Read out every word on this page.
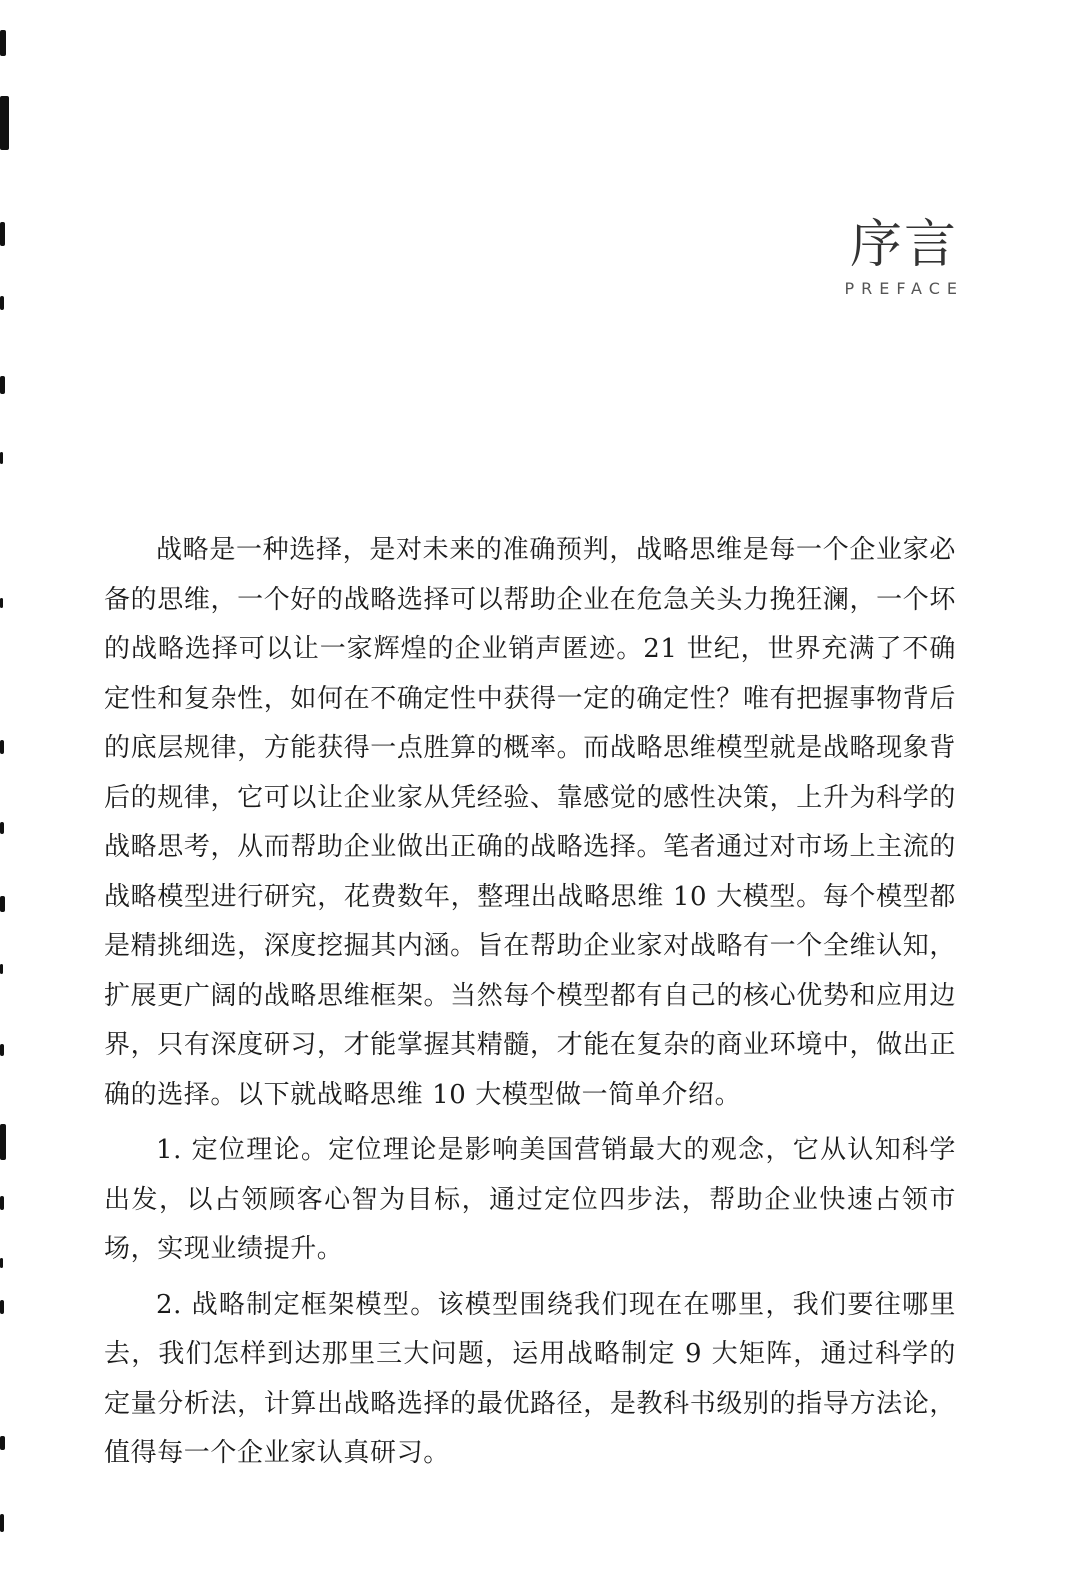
序言
PREFACE

战略是一种选择，是对未来的准确预判，战略思维是每一个企业家必备的思维，一个好的战略选择可以帮助企业在危急关头力挽狂澜，一个坏的战略选择可以让一家辉煌的企业销声匿迹。21 世纪，世界充满了不确定性和复杂性，如何在不确定性中获得一定的确定性？唯有把握事物背后的底层规律，方能获得一点胜算的概率。而战略思维模型就是战略现象背后的规律，它可以让企业家从凭经验、靠感觉的感性决策，上升为科学的战略思考，从而帮助企业做出正确的战略选择。笔者通过对市场上主流的战略模型进行研究，花费数年，整理出战略思维 10 大模型。每个模型都是精挑细选，深度挖掘其内涵。旨在帮助企业家对战略有一个全维认知，扩展更广阔的战略思维框架。当然每个模型都有自己的核心优势和应用边界，只有深度研习，才能掌握其精髓，才能在复杂的商业环境中，做出正确的选择。以下就战略思维 10 大模型做一简单介绍。

1. 定位理论。定位理论是影响美国营销最大的观念，它从认知科学出发，以占领顾客心智为目标，通过定位四步法，帮助企业快速占领市场，实现业绩提升。

2. 战略制定框架模型。该模型围绕我们现在在哪里，我们要往哪里去，我们怎样到达那里三大问题，运用战略制定 9 大矩阵，通过科学的定量分析法，计算出战略选择的最优路径，是教科书级别的指导方法论，值得每一个企业家认真研习。
